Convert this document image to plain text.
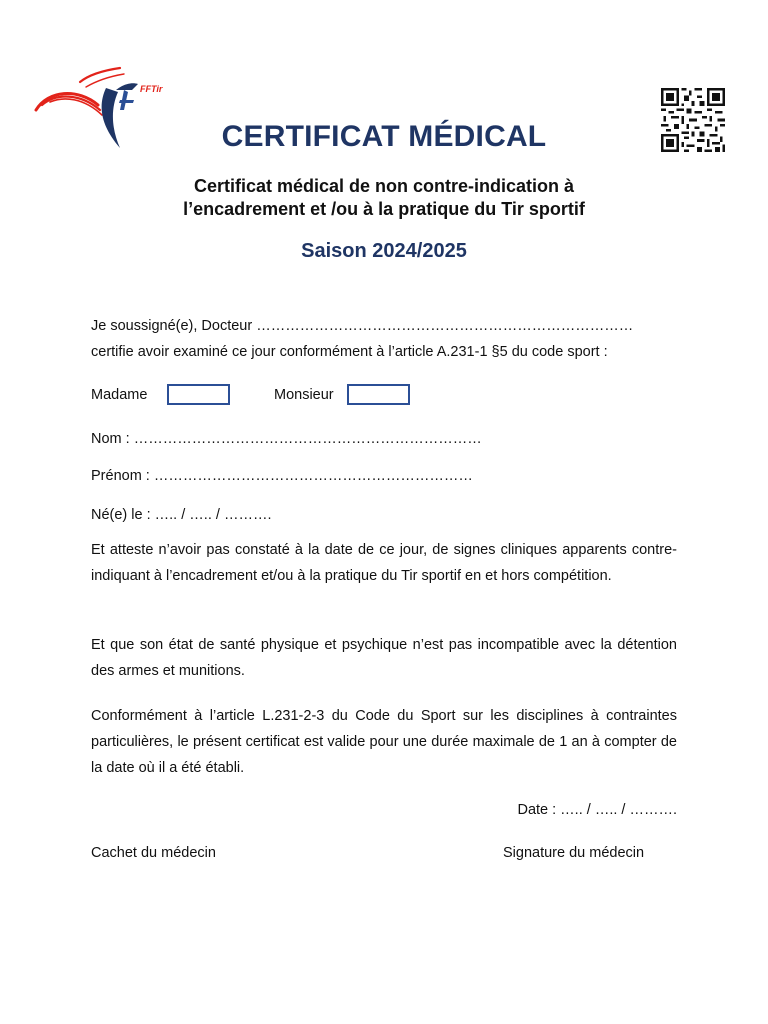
FFTir
CERTIFICAT MÉDICAL
Certificat médical de non contre-indication à
l’encadrement et /ou à la pratique du Tir sportif
Saison 2024/2025
Je soussigné(e), Docteur ……………………………………………………………………
certifie avoir examiné ce jour conformément à l’article A.231-1 §5 du code sport :
Madame	Monsieur
Nom : ………………………………………………………………
Prénom : …………………………………………………………
Né(e) le : ….. / ….. / ……….
Et atteste n’avoir pas constaté à la date de ce jour, de signes cliniques apparents contre-indiquant à l’encadrement et/ou à la pratique du Tir sportif en et hors compétition.
Et que son état de santé physique et psychique n’est pas incompatible avec la détention des armes et munitions.
Conformément à l’article L.231-2-3 du Code du Sport sur les disciplines à contraintes particulières, le présent certificat est valide pour une durée maximale de 1 an à compter de la date où il a été établi.
Date : ….. / ….. / ……….
Cachet du médecin	Signature du médecin
